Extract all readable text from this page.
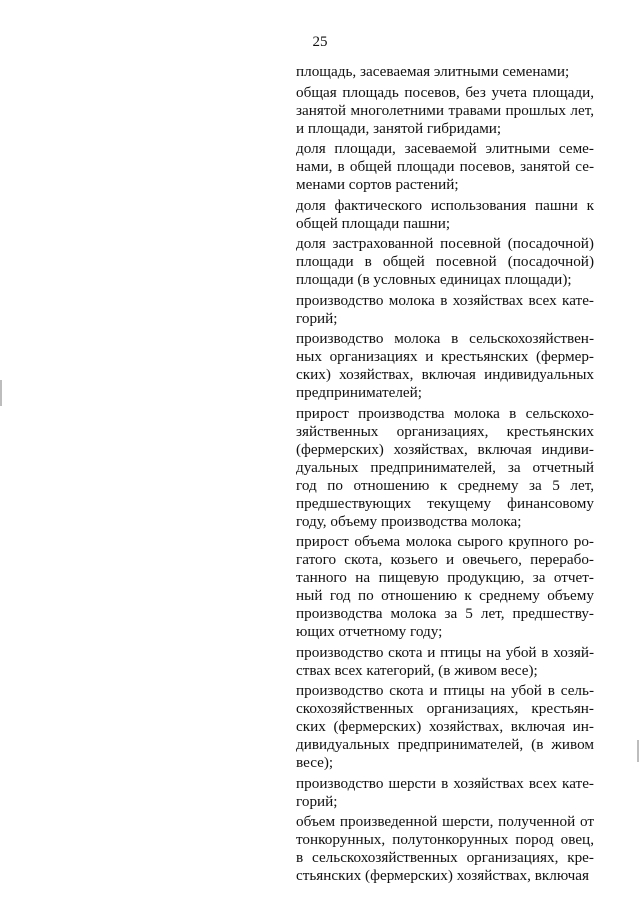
25

площадь, засеваемая элитными семенами;

общая площадь посевов, без учета площади,
занятой многолетними травами прошлых лет,
и площади, занятой гибридами;

доля площади, засеваемой элитными семе-
нами, в общей площади посевов, занятой се-
менами сортов растений;

доля фактического использования пашни к
общей площади пашни;

доля застрахованной посевной (посадочной)
площади в общей посевной (посадочной)
площади (в условных единицах площади);

производство молока в хозяйствах всех кате-
горий;

производство молока в сельскохозяйствен-
ных организациях и крестьянских (фермер-
ских) хозяйствах, включая индивидуальных
предпринимателей;

прирост производства молока в сельскохо-
зяйственных организациях, крестьянских
(фермерских) хозяйствах, включая индиви-
дуальных предпринимателей, за отчетный
год по отношению к среднему за 5 лет,
предшествующих текущему финансовому
году, объему производства молока;

прирост объема молока сырого крупного ро-
гатого скота, козьего и овечьего, перерабо-
танного на пищевую продукцию, за отчет-
ный год по отношению к среднему объему
производства молока за 5 лет, предшеству-
ющих отчетному году;

производство скота и птицы на убой в хозяй-
ствах всех категорий, (в живом весе);

производство скота и птицы на убой в сель-
скохозяйственных организациях, крестьян-
ских (фермерских) хозяйствах, включая ин-
дивидуальных предпринимателей, (в живом
весе);

производство шерсти в хозяйствах всех кате-
горий;

объем произведенной шерсти, полученной от
тонкорунных, полутонкорунных пород овец,
в сельскохозяйственных организациях, кре-
стьянских (фермерских) хозяйствах, включая
